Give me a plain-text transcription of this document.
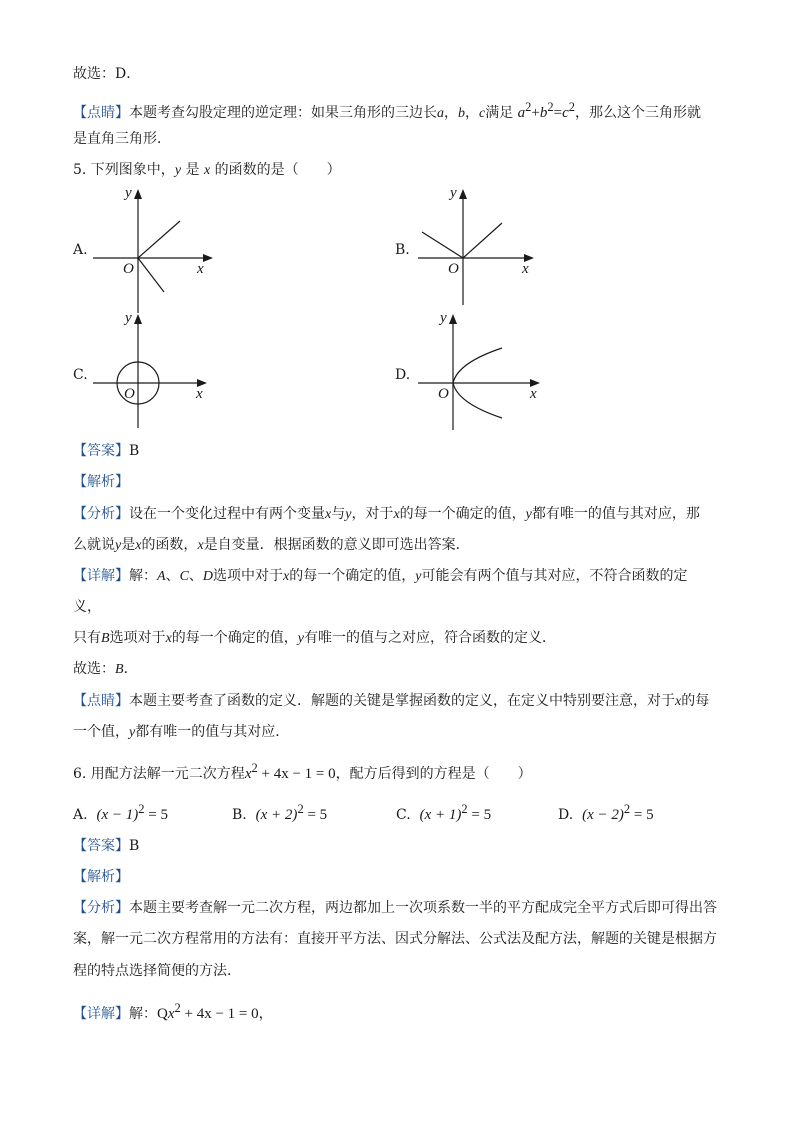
故选：D．
【点睛】本题考查勾股定理的逆定理：如果三角形的三边长a，b，c满足 $a^2+b^2=c^2$，那么这个三角形就
是直角三角形．
5. 下列图象中，y 是 x 的函数的是（　　）
A.
x
y
O
B.
x
y
O
C.
x
y
O
D.
x
y
O
【答案】B
【解析】
【分析】设在一个变化过程中有两个变量x与y，对于x的每一个确定的值，y都有唯一的值与其对应，那
么就说y是x的函数，x是自变量．根据函数的意义即可选出答案．
【详解】解：A、C、D选项中对于x的每一个确定的值，y可能会有两个值与其对应，不符合函数的定
义，
只有B选项对于x的每一个确定的值，y有唯一的值与之对应，符合函数的定义．
故选：B．
【点睛】本题主要考查了函数的定义．解题的关键是掌握函数的定义，在定义中特别要注意，对于x的每
一个值，y都有唯一的值与其对应．
6. 用配方法解一元二次方程$x^2 + 4x - 1 = 0$，配方后得到的方程是（　　）
A. $(x - 1)^2 = 5$	B. $(x + 2)^2 = 5$	C. $(x + 1)^2 = 5$	D. $(x - 2)^2 = 5$
【答案】B
【解析】
【分析】本题主要考查解一元二次方程，两边都加上一次项系数一半的平方配成完全平方式后即可得出答
案，解一元二次方程常用的方法有：直接开平方法、因式分解法、公式法及配方法，解题的关键是根据方
程的特点选择简便的方法．
【详解】解：$Qx^2 + 4x - 1 = 0$，
